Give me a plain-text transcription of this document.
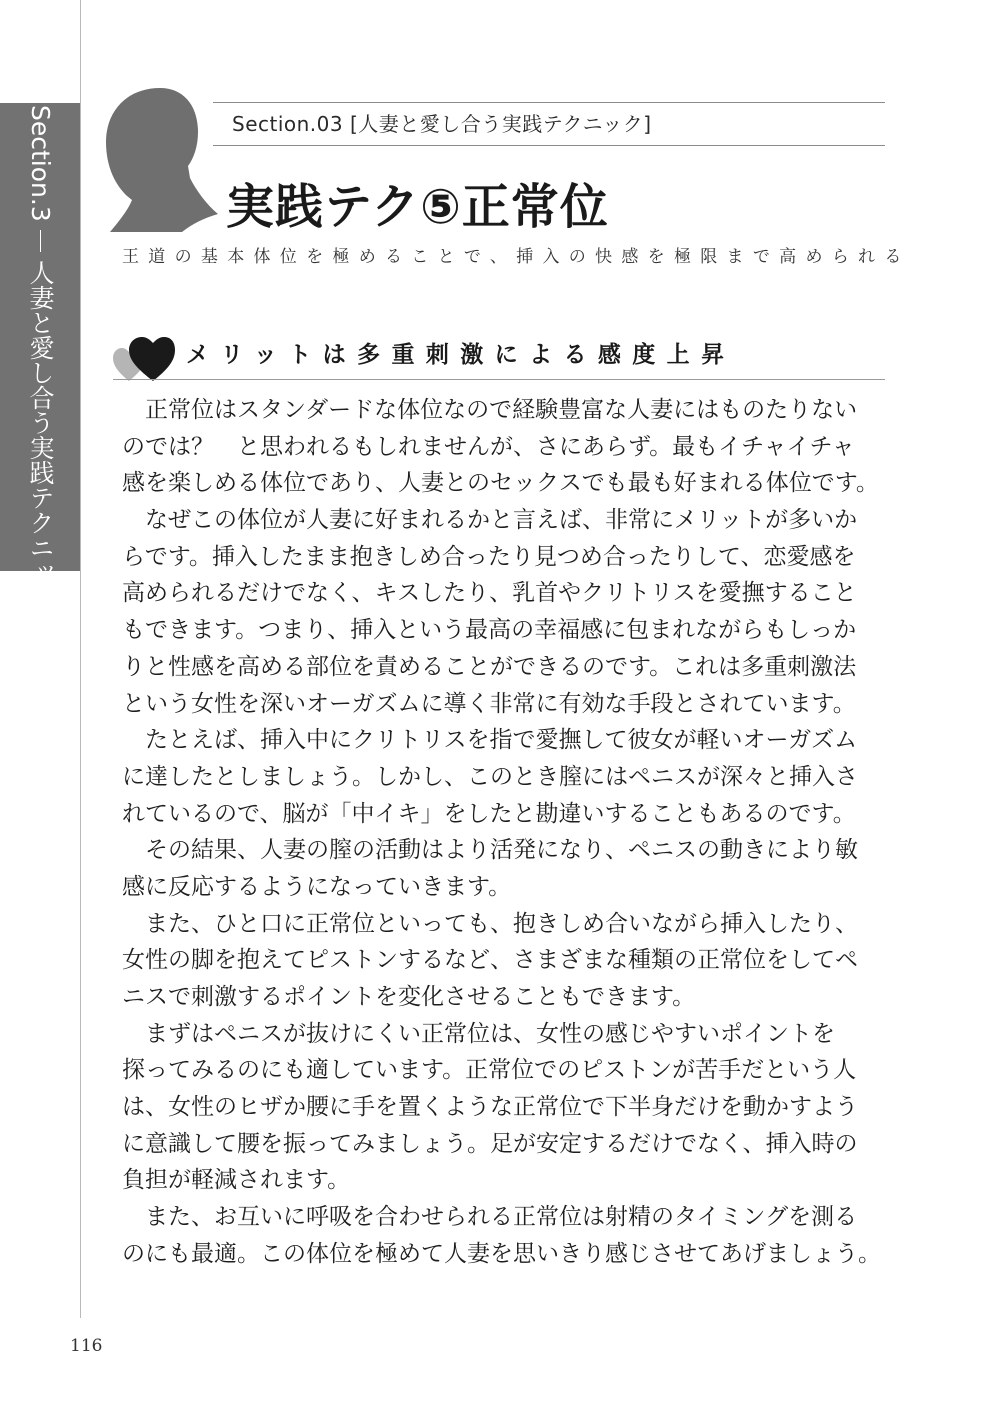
Section.3人妻と愛し合う実践テクニック
Section.03 [人妻と愛し合う実践テクニック]
実践テク⑤正常位
王道の基本体位を極めることで、挿入の快感を極限まで高められる
メリットは多重刺激による感度上昇
　正常位はスタンダードな体位なので経験豊富な人妻にはものたりない
のでは？　と思われるもしれませんが、さにあらず。最もイチャイチャ
感を楽しめる体位であり、人妻とのセックスでも最も好まれる体位です。
　なぜこの体位が人妻に好まれるかと言えば、非常にメリットが多いか
らです。挿入したまま抱きしめ合ったり見つめ合ったりして、恋愛感を
高められるだけでなく、キスしたり、乳首やクリトリスを愛撫すること
もできます。つまり、挿入という最高の幸福感に包まれながらもしっか
りと性感を高める部位を責めることができるのです。これは多重刺激法
という女性を深いオーガズムに導く非常に有効な手段とされています。
　たとえば、挿入中にクリトリスを指で愛撫して彼女が軽いオーガズム
に達したとしましょう。しかし、このとき膣にはペニスが深々と挿入さ
れているので、脳が「中イキ」をしたと勘違いすることもあるのです。
　その結果、人妻の膣の活動はより活発になり、ペニスの動きにより敏
感に反応するようになっていきます。
　また、ひと口に正常位といっても、抱きしめ合いながら挿入したり、
女性の脚を抱えてピストンするなど、さまざまな種類の正常位をしてペ
ニスで刺激するポイントを変化させることもできます。
　まずはペニスが抜けにくい正常位は、女性の感じやすいポイントを
探ってみるのにも適しています。正常位でのピストンが苦手だという人
は、女性のヒザか腰に手を置くような正常位で下半身だけを動かすよう
に意識して腰を振ってみましょう。足が安定するだけでなく、挿入時の
負担が軽減されます。
　また、お互いに呼吸を合わせられる正常位は射精のタイミングを測る
のにも最適。この体位を極めて人妻を思いきり感じさせてあげましょう。
116
